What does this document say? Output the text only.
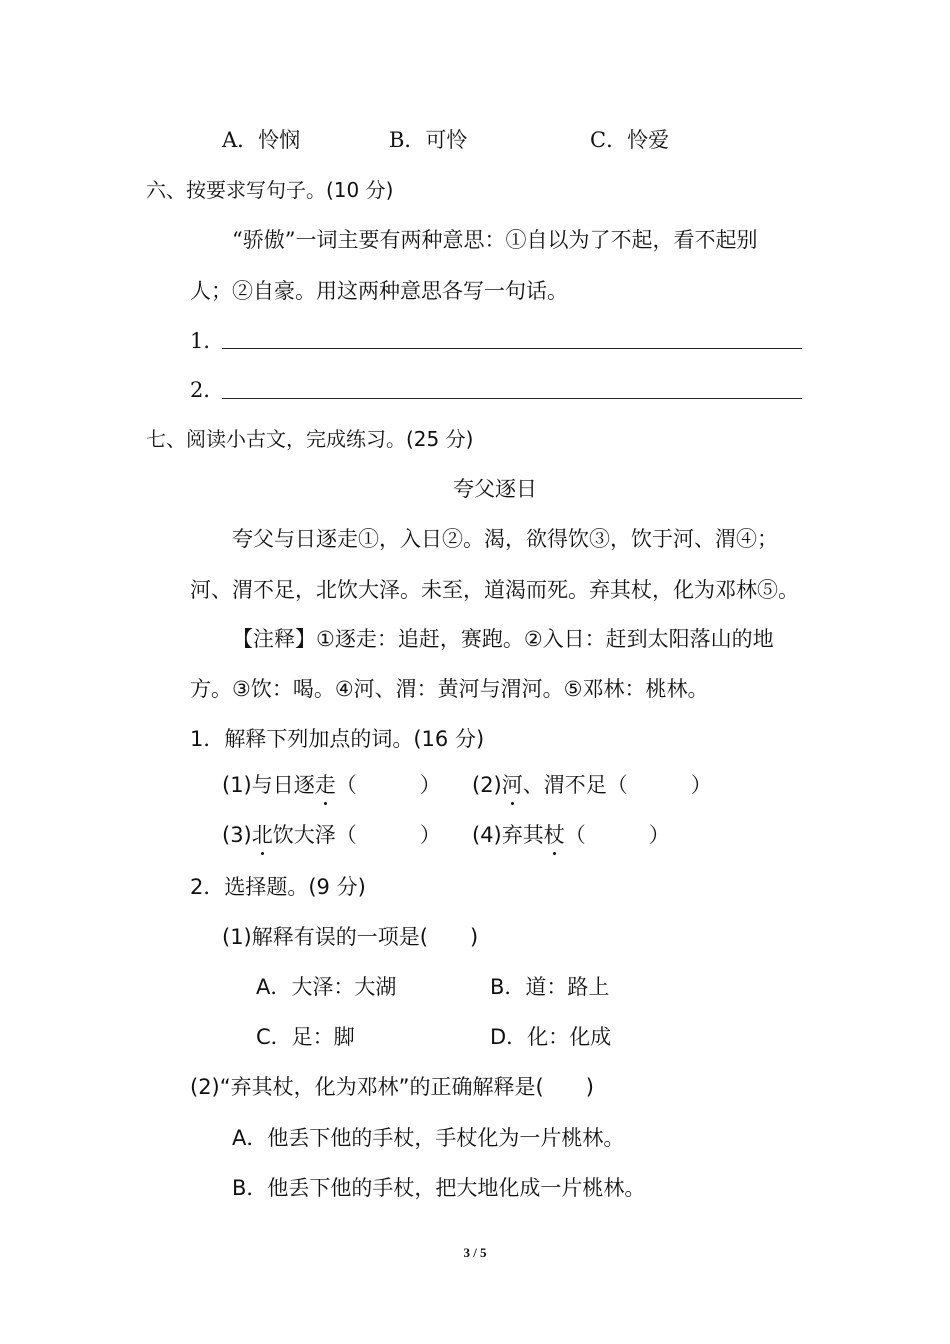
A．怜悯	B．可怜	C．怜爱
六、按要求写句子。(10 分)
“骄傲”一词主要有两种意思：①自以为了不起，看不起别
人；②自豪。用这两种意思各写一句话。
1．
2．
七、阅读小古文，完成练习。(25 分)
夸父逐日
夸父与日逐走①，入日②。渴，欲得饮③，饮于河、渭④；
河、渭不足，北饮大泽。未至，道渴而死。弃其杖，化为邓林⑤。
【注释】①逐走：追赶，赛跑。②入日：赶到太阳落山的地
方。③饮：喝。④河、渭：黄河与渭河。⑤邓林：桃林。
1．解释下列加点的词。(16 分)
(1)与日逐走（　　　） (2)河、渭不足（　　　）
(3)北饮大泽（　　　） (4)弃其杖（　　　）
2．选择题。(9 分)
(1)解释有误的一项是(　　)
A．大泽：大湖	B．道：路上
C．足：脚	D．化：化成
(2)“弃其杖，化为邓林”的正确解释是(　　)
A．他丢下他的手杖，手杖化为一片桃林。
B．他丢下他的手杖，把大地化成一片桃林。
3 / 5
